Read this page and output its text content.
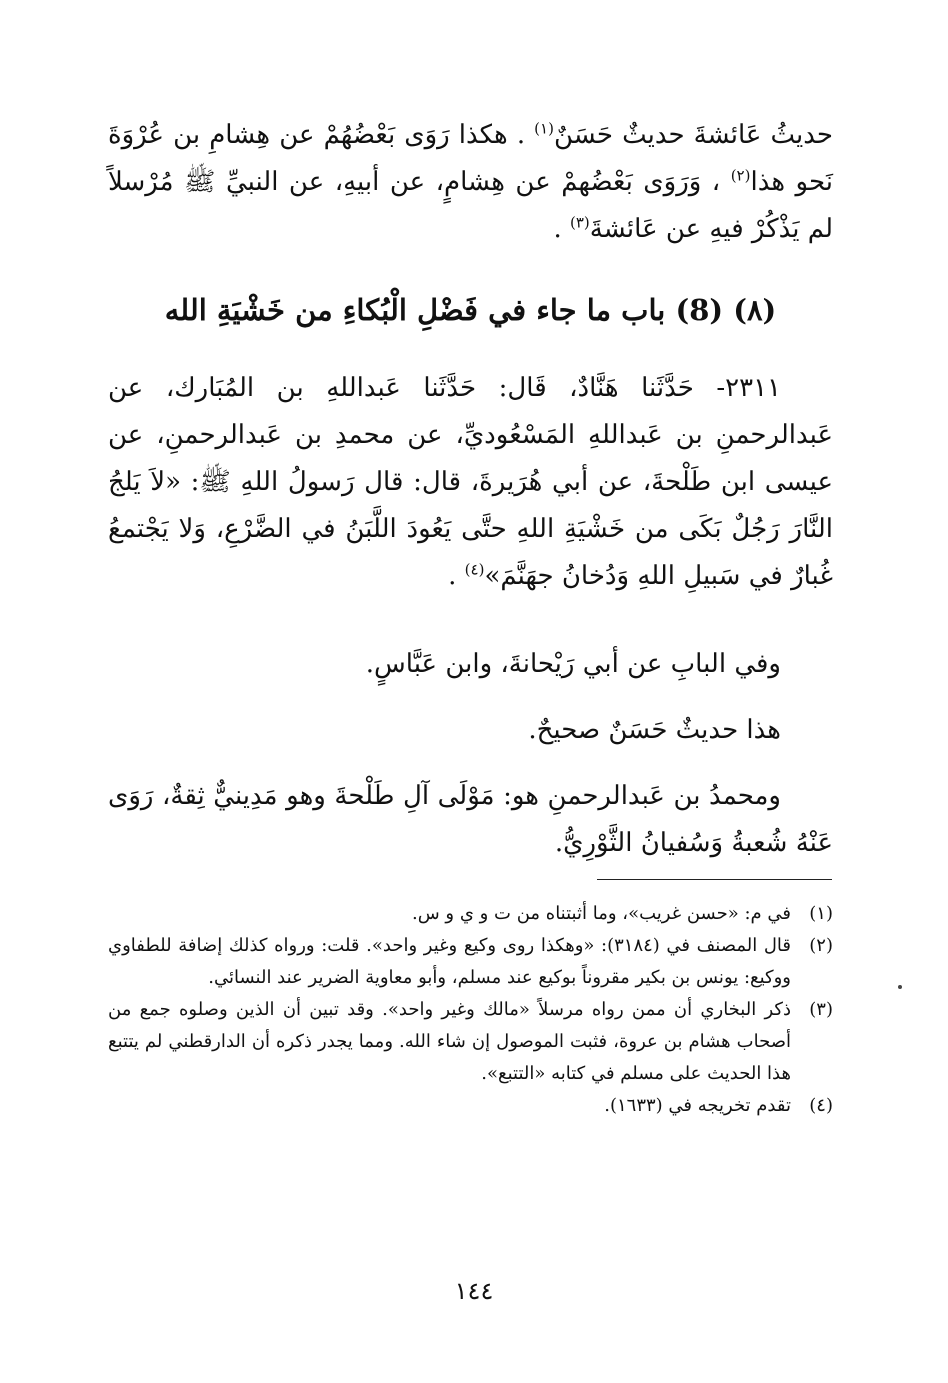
حديثُ عَائشةَ حديثٌ حَسَنٌ$^{(١)}$ . هكذا رَوَى بَعْضُهُمْ عن هِشامِ بن عُرْوَةَ نَحو هذا$^{(٢)}$ ، وَرَوَى بَعْضُهمْ عن هِشامٍ، عن أبيهِ، عن النبيِّ ﷺ مُرْسلاً لم يَذْكُرْ فيهِ عن عَائشةَ$^{(٣)}$ .

(٨) (8) باب ما جاء في فَضْلِ الْبُكاءِ من خَشْيَةِ الله

٢٣١١- حَدَّثَنا هَنَّادٌ، قَال: حَدَّثَنا عَبداللهِ بن المُبَارك، عن عَبدالرحمنِ بن عَبداللهِ المَسْعُوديِّ، عن محمدِ بن عَبدالرحمنِ، عن عيسى ابن طَلْحةَ، عن أبي هُرَيرةَ، قال: قال رَسولُ اللهِ ﷺ: «لاَ يَلجُ النَّارَ رَجُلٌ بَكَى من خَشْيَةِ اللهِ حتَّى يَعُودَ اللَّبَنُ في الضَّرْعِ، وَلا يَجْتمعُ غُبارٌ في سَبيلِ اللهِ وَدُخانُ جهَنَّمَ»$^{(٤)}$ .

وفي البابِ عن أبي رَيْحانةَ، وابن عَبَّاسٍ.
هذا حديثٌ حَسَنٌ صحيحٌ.

ومحمدُ بن عَبدالرحمنِ هو: مَوْلَى آلِ طَلْحةَ وهو مَدِينيٌّ ثِقةٌ، رَوَى عَنْهُ شُعبةُ وَسُفيانُ الثَّوْرِيُّ.

(١)
في م: «حسن غريب»، وما أثبتناه من ت و ي و س.
(٢)
قال المصنف في (٣١٨٤): «وهكذا روى وكيع وغير واحد». قلت: ورواه كذلك إضافة للطفاوي ووكيع: يونس بن بكير مقروناً بوكيع عند مسلم، وأبو معاوية الضرير عند النسائي.
(٣)
ذكر البخاري أن ممن رواه مرسلاً «مالك وغير واحد». وقد تبين أن الذين وصلوه جمع من أصحاب هشام بن عروة، فثبت الموصول إن شاء الله. ومما يجدر ذكره أن الدارقطني لم يتتبع هذا الحديث على مسلم في كتابه «التتبع».
(٤)
تقدم تخريجه في (١٦٣٣).
١٤٤
